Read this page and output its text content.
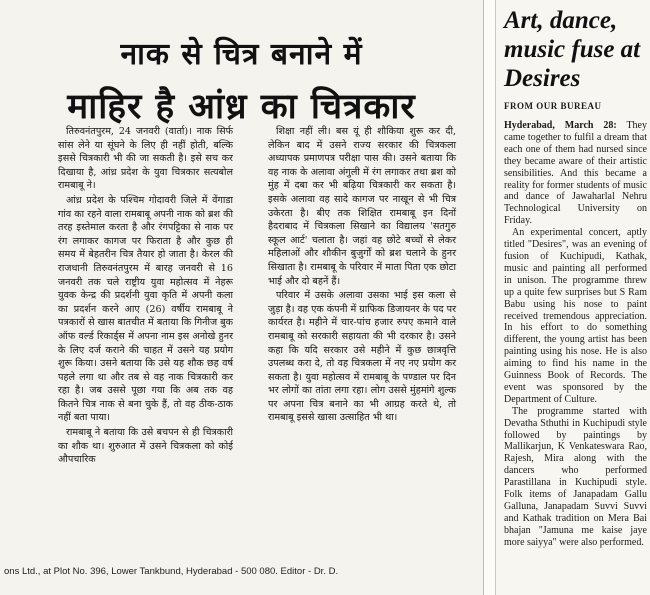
नाक से चित्र बनाने में
माहिर है आंध्र का चित्रकार

तिरुवनंतपुरम, 24 जनवरी (वार्ता)। नाक सिर्फ सांस लेने या सूंघने के लिए ही नहीं होती, बल्कि इससे चित्रकारी भी की जा सकती है। इसे सच कर दिखाया है, आंध्र प्रदेश के युवा चित्रकार सत्यबोल रामबाबू ने।

आंध्र प्रदेश के पश्चिम गोदावरी जिले में वेंगाडा गांव का रहने वाला रामबाबू अपनी नाक को ब्रश की तरह इस्तेमाल करता है और रंगपट्टिका से नाक पर रंग लगाकर कागज पर फिराता है और कुछ ही समय में बेहतरीन चित्र तैयार हो जाता है। केरल की राजधानी तिरुवनंतपुरम में बारह जनवरी से 16 जनवरी तक चले राष्ट्रीय युवा महोत्सव में नेहरू युवक केन्द्र की प्रदर्शनी युवा कृति में अपनी कला का प्रदर्शन करने आए (26) वर्षीय रामबाबू ने पत्रकारों से खास बातचीत में बताया कि गिनीज बुक ऑफ वर्ल्ड रिकार्ड्स में अपना नाम इस अनोखे हुनर के लिए दर्ज कराने की चाहत में उसने यह प्रयोग शुरू किया। उसने बताया कि उसे यह शौक छह वर्ष पहले लगा था और तब से वह नाक चित्रकारी कर रहा है। जब उससे पूछा गया कि अब तक वह कितने चित्र नाक से बना चुके हैं, तो वह ठीक-ठाक नहीं बता पाया।

रामबाबू ने बताया कि उसे बचपन से ही चित्रकारी का शौक था। शुरुआत में उसने चित्रकला को कोई औपचारिक

शिक्षा नहीं ली। बस यूं ही शौकिया शुरू कर दी, लेकिन बाद में उसने राज्य सरकार की चित्रकला अध्यापक प्रमाणपत्र परीक्षा पास की। उसने बताया कि वह नाक के अलावा अंगुली में रंग लगाकर तथा ब्रश को मुंह में दबा कर भी बढ़िया चित्रकारी कर सकता है। इसके अलावा वह सादे कागज पर नाखून से भी चित्र उकेरता है। बीए तक शिक्षित रामबाबू इन दिनों हैदराबाद में चित्रकला सिखाने का विद्यालय 'सतगुरु स्कूल आर्ट' चलाता है। जहां वह छोटे बच्चों से लेकर महिलाओं और शौकीन बुजुर्गों को ब्रश चलाने के हुनर सिखाता है। रामबाबू के परिवार में माता पिता एक छोटा भाई और दो बहनें हैं।

परिवार में उसके अलावा उसका भाई इस कला से जुड़ा है। वह एक कंपनी में ग्राफिक डिजायनर के पद पर कार्यरत है। महीने में चार-पांच हजार रुपए कमाने वाले रामबाबू को सरकारी सहायता की भी दरकार है। उसने कहा कि यदि सरकार उसे महीने में कुछ छात्रवृत्ति उपलब्ध करा दे, तो वह चित्रकला में नए नए प्रयोग कर सकता है। युवा महोत्सव में रामबाबू के पण्डाल पर दिन भर लोगों का तांता लगा रहा। लोग उससे मुंहमांगे शुल्क पर अपना चित्र बनाने का भी आग्रह करते थे, तो रामबाबू इससे खासा उत्साहित भी था।

ons Ltd., at Plot No. 396, Lower Tankbund, Hyderabad - 500 080. Editor - Dr. D.
Art, dance, music fuse at Desires
FROM OUR BUREAU

Hyderabad, March 28: They came together to fulfil a dream that each one of them had nursed since they became aware of their artistic sensibilities. And this became a reality for former students of music and dance of Jawaharlal Nehru Technological University on Friday.

An experimental concert, aptly titled "Desires", was an evening of fusion of Kuchipudi, Kathak, music and painting all performed in unison. The programme threw up a quite few surprises but S Ram Babu using his nose to paint received tremendous appreciation. In his effort to do something different, the young artist has been painting using his nose. He is also aiming to find his name in the Guinness Book of Records. The event was sponsored by the Department of Culture.

The programme started with Devatha Sthuthi in Kuchipudi style followed by paintings by Mallikarjun, K Venkateswara Rao, Rajesh, Mira along with the dancers who performed Parastillana in Kuchipudi style. Folk items of Janapadam Gallu Galluna, Janapadam Suvvi Suvvi and Kathak tradition on Mera Bai bhajan "Jamuna me kaise jaye more saiyya" were also performed.
